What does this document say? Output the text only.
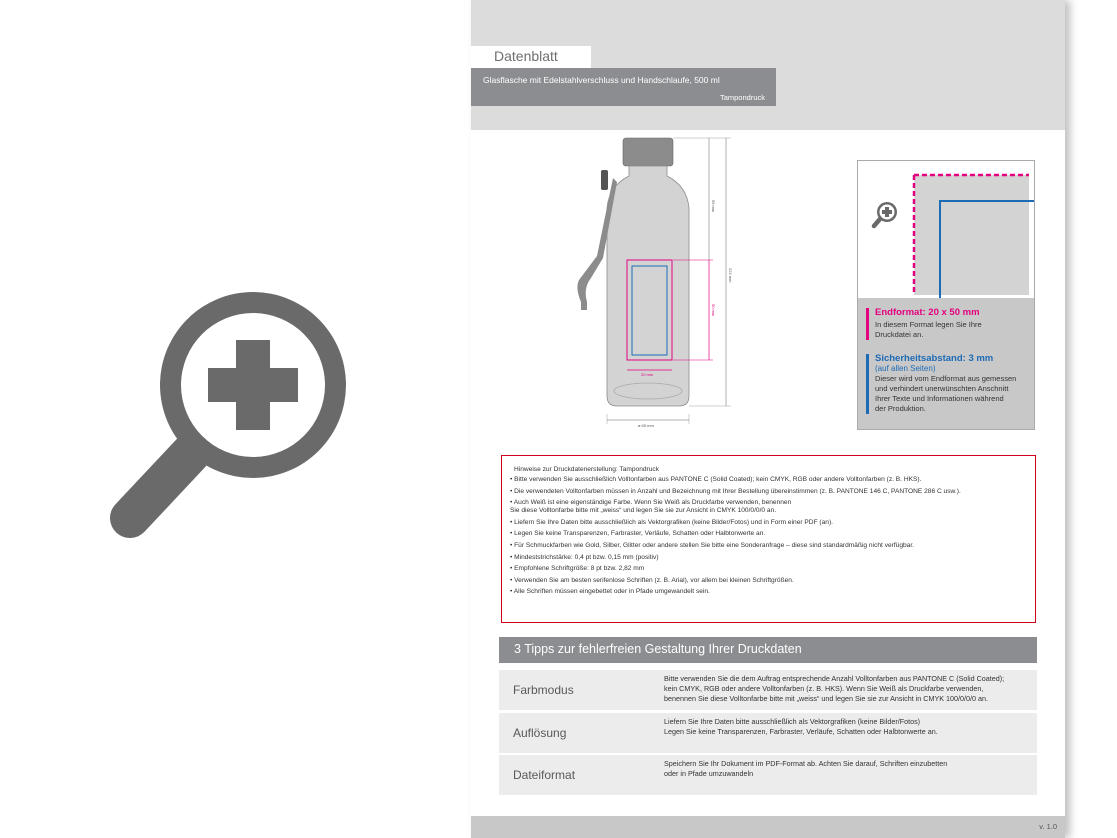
Datenblatt
Glasflasche mit Edelstahlverschluss und Handschlaufe, 500 ml
Tampondruck
99 mm
222 mm
50 mm
20 mm
ø 65 mm
Endformat: 20 x 50 mm
In diesem Format legen Sie Ihre
Druckdatei an.
Sicherheitsabstand: 3 mm
(auf allen Seiten)
Dieser wird vom Endformat aus gemessen
und verhindert unerwünschten Anschnitt
Ihrer Texte und Informationen während
der Produktion.
Hinweise zur Druckdatenerstellung: Tampondruck
• Bitte verwenden Sie ausschließlich Volltonfarben aus PANTONE C (Solid Coated); kein CMYK, RGB oder andere Volltonfarben (z. B. HKS).
• Die verwendeten Volltonfarben müssen in Anzahl und Bezeichnung mit Ihrer Bestellung übereinstimmen (z. B. PANTONE 146 C, PANTONE 286 C usw.).
• Auch Weiß ist eine eigenständige Farbe. Wenn Sie Weiß als Druckfarbe verwenden, benennen
Sie diese Volltonfarbe bitte mit „weiss“ und legen Sie sie zur Ansicht in CMYK 100/0/0/0 an.
• Liefern Sie Ihre Daten bitte ausschließlich als Vektorgrafiken (keine Bilder/Fotos) und in Form einer PDF (an).
• Legen Sie keine Transparenzen, Farbraster, Verläufe, Schatten oder Halbtonwerte an.
• Für Schmuckfarben wie Gold, Silber, Glitter oder andere stellen Sie bitte eine Sonderanfrage – diese sind standardmäßig nicht verfügbar.
• Mindeststrichstärke: 0,4 pt bzw. 0,15 mm (positiv)
• Empfohlene Schriftgröße: 8 pt bzw. 2,82 mm
• Verwenden Sie am besten serifenlose Schriften (z. B. Arial), vor allem bei kleinen Schriftgrößen.
• Alle Schriften müssen eingebettet oder in Pfade umgewandelt sein.
3 Tipps zur fehlerfreien Gestaltung Ihrer Druckdaten
Farbmodus
Bitte verwenden Sie die dem Auftrag entsprechende Anzahl Volltonfarben aus PANTONE C (Solid Coated);
kein CMYK, RGB oder andere Volltonfarben (z. B. HKS). Wenn Sie Weiß als Druckfarbe verwenden,
benennen Sie diese Volltonfarbe bitte mit „weiss“ und legen Sie sie zur Ansicht in CMYK 100/0/0/0 an.
Auflösung
Liefern Sie Ihre Daten bitte ausschließlich als Vektorgrafiken (keine Bilder/Fotos)
Legen Sie keine Transparenzen, Farbraster, Verläufe, Schatten oder Halbtonwerte an.
Dateiformat
Speichern Sie Ihr Dokument im PDF-Format ab. Achten Sie darauf, Schriften einzubetten
oder in Pfade umzuwandeln
v. 1.0
